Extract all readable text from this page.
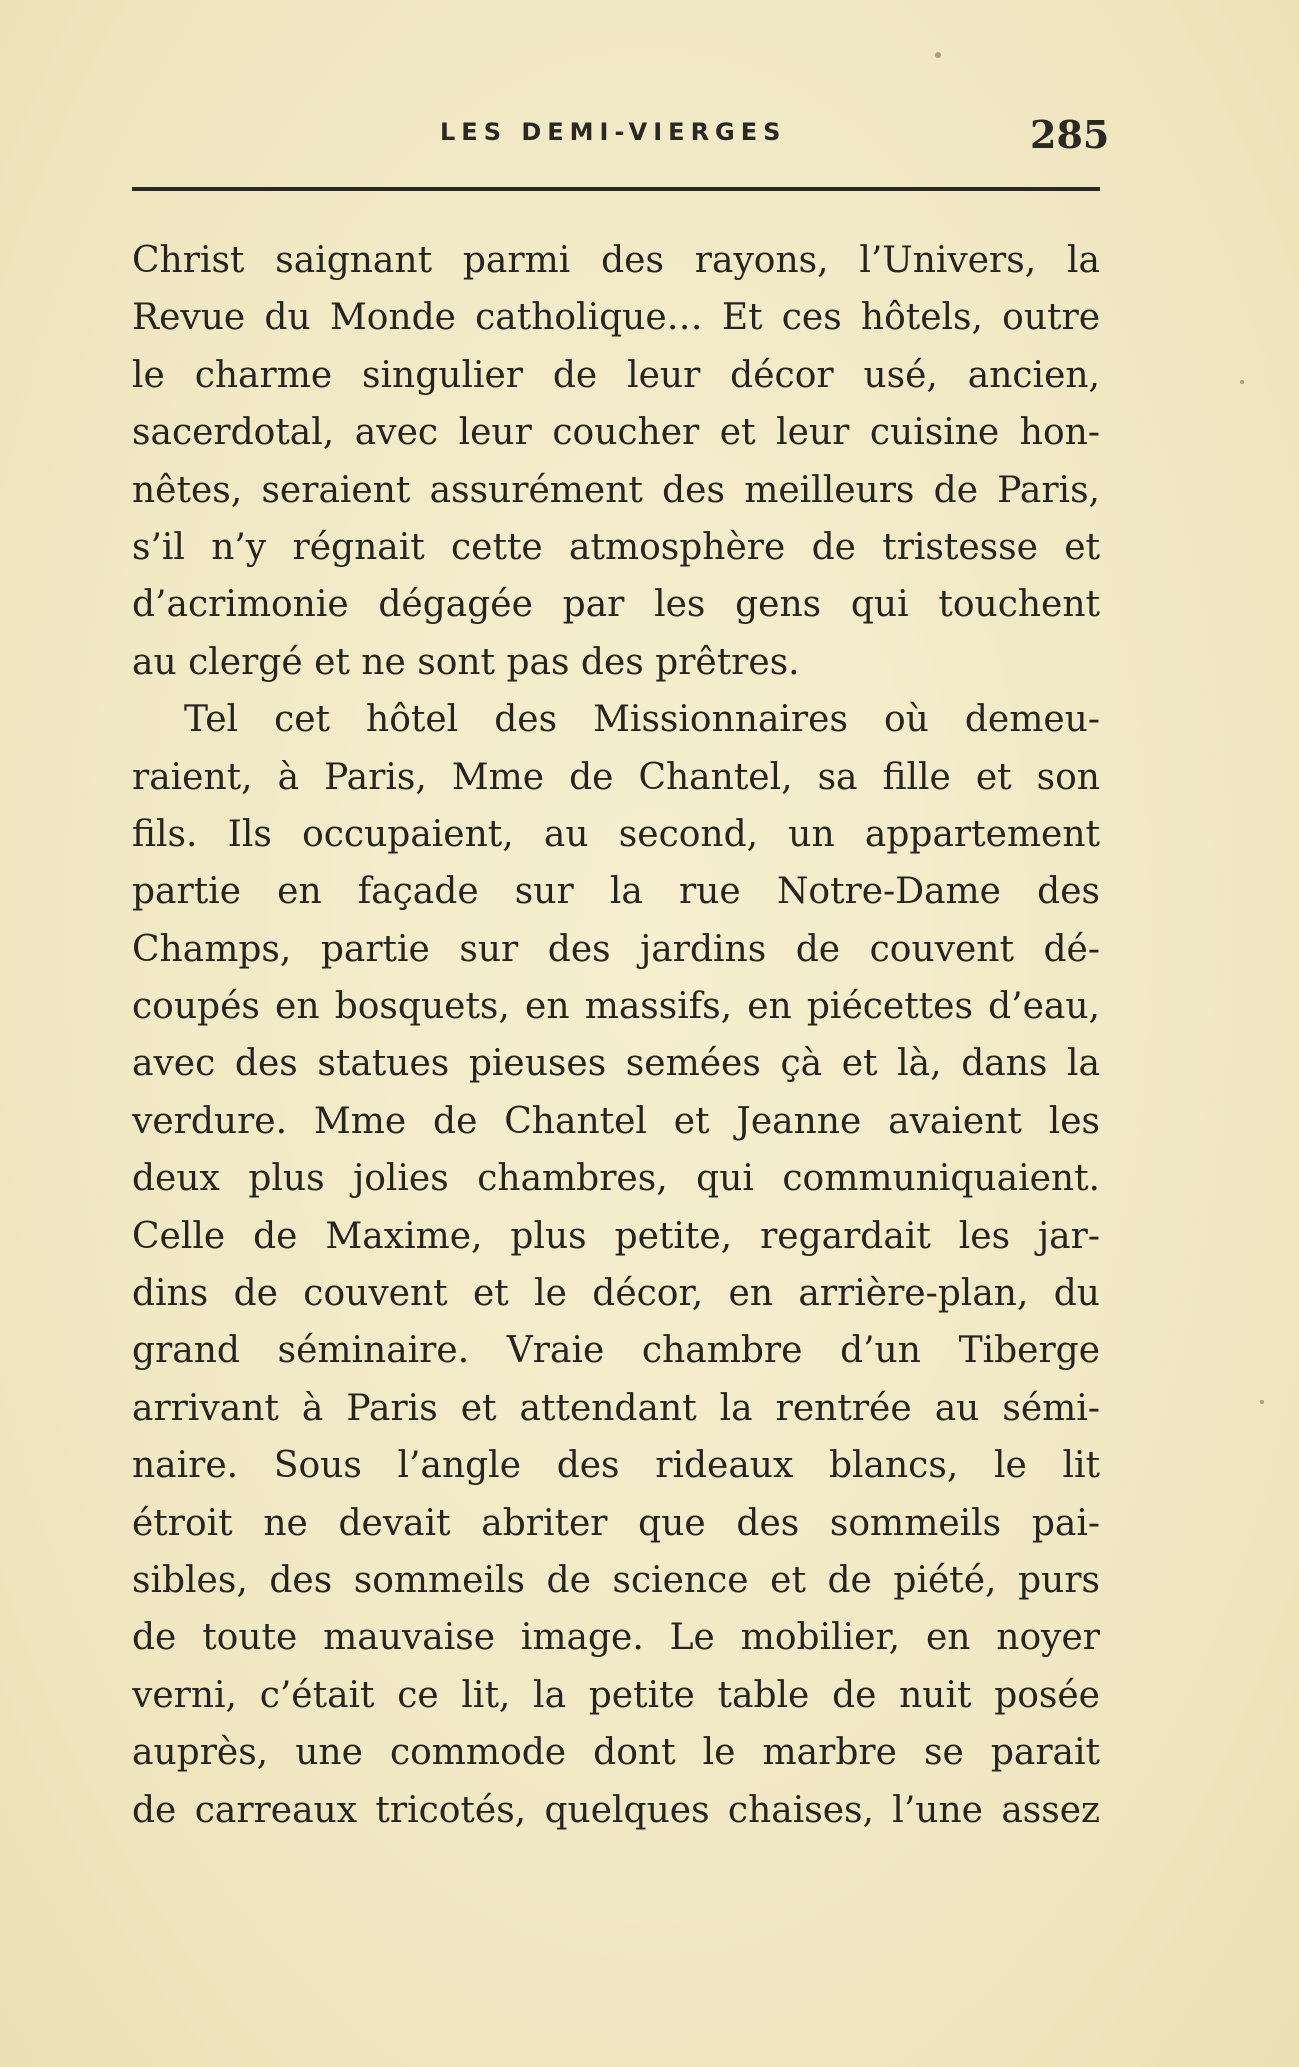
LES DEMI-VIERGES	285
Christ saignant parmi des rayons, l’Univers, la
Revue du Monde catholique… Et ces hôtels, outre
le charme singulier de leur décor usé, ancien,
sacerdotal, avec leur coucher et leur cuisine hon-
nêtes, seraient assurément des meilleurs de Paris,
s’il n’y régnait cette atmosphère de tristesse et
d’acrimonie dégagée par les gens qui touchent
au clergé et ne sont pas des prêtres.
Tel cet hôtel des Missionnaires où demeu-
raient, à Paris, Mme de Chantel, sa fille et son
fils. Ils occupaient, au second, un appartement
partie en façade sur la rue Notre-Dame des
Champs, partie sur des jardins de couvent dé-
coupés en bosquets, en massifs, en piécettes d’eau,
avec des statues pieuses semées çà et là, dans la
verdure. Mme de Chantel et Jeanne avaient les
deux plus jolies chambres, qui communiquaient.
Celle de Maxime, plus petite, regardait les jar-
dins de couvent et le décor, en arrière-plan, du
grand séminaire. Vraie chambre d’un Tiberge
arrivant à Paris et attendant la rentrée au sémi-
naire. Sous l’angle des rideaux blancs, le lit
étroit ne devait abriter que des sommeils pai-
sibles, des sommeils de science et de piété, purs
de toute mauvaise image. Le mobilier, en noyer
verni, c’était ce lit, la petite table de nuit posée
auprès, une commode dont le marbre se parait
de carreaux tricotés, quelques chaises, l’une assez
